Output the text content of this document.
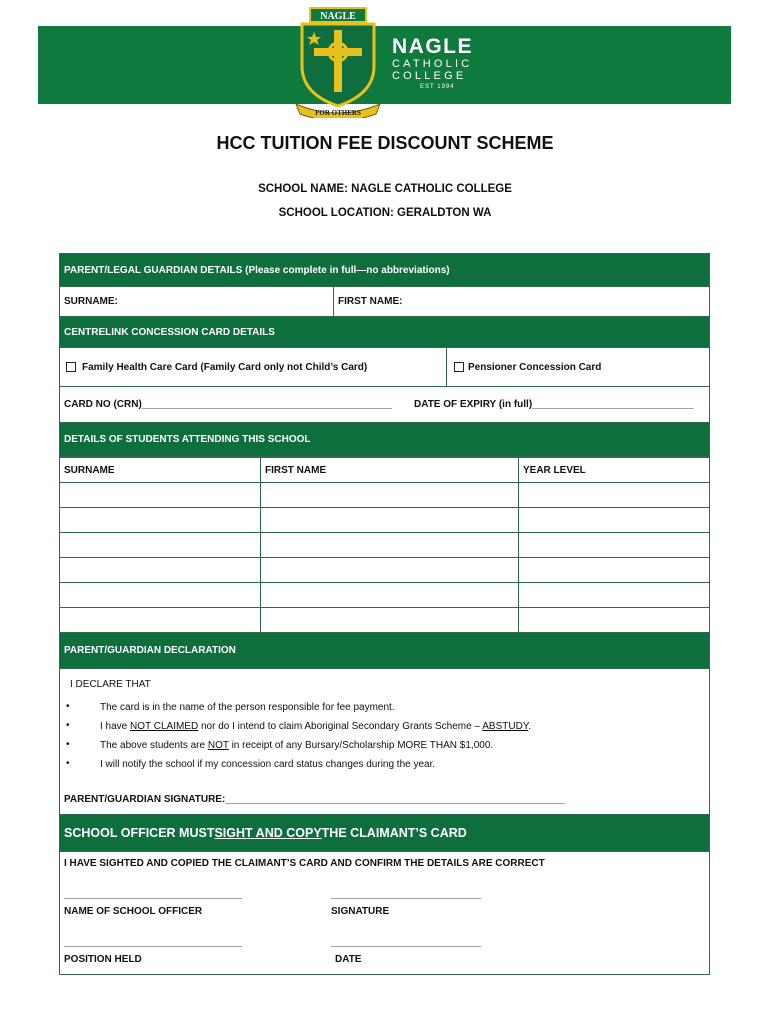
NAGLE
FOR OTHERS
NAGLE
CATHOLIC
COLLEGE
EST 1994
HCC TUITION FEE DISCOUNT SCHEME
SCHOOL NAME: NAGLE CATHOLIC COLLEGE
SCHOOL LOCATION: GERALDTON WA
PARENT/LEGAL GUARDIAN DETAILS (Please complete in full—no abbreviations)
SURNAME:	FIRST NAME:
CENTRELINK CONCESSION CARD DETAILS
Family Health Care Card (Family Card only not Child’s Card)	Pensioner Concession Card
CARD NO (CRN)_____________________________________________ DATE OF EXPIRY (in full)_____________________________
DETAILS OF STUDENTS ATTENDING THIS SCHOOL
SURNAME	FIRST NAME	YEAR LEVEL
PARENT/GUARDIAN DECLARATION
I DECLARE THAT
• The card is in the name of the person responsible for fee payment.
• I have NOT CLAIMED nor do I intend to claim Aboriginal Secondary Grants Scheme – ABSTUDY.
• The above students are NOT in receipt of any Bursary/Scholarship MORE THAN $1,000.
• I will notify the school if my concession card status changes during the year.
PARENT/GUARDIAN SIGNATURE:_____________________________________________________________
SCHOOL OFFICER MUST SIGHT AND COPY THE CLAIMANT’S CARD
I HAVE SIGHTED AND COPIED THE CLAIMANT’S CARD AND CONFIRM THE DETAILS ARE CORRECT
________________________________	___________________________
NAME OF SCHOOL OFFICER	SIGNATURE
________________________________	___________________________
POSITION HELD	DATE
